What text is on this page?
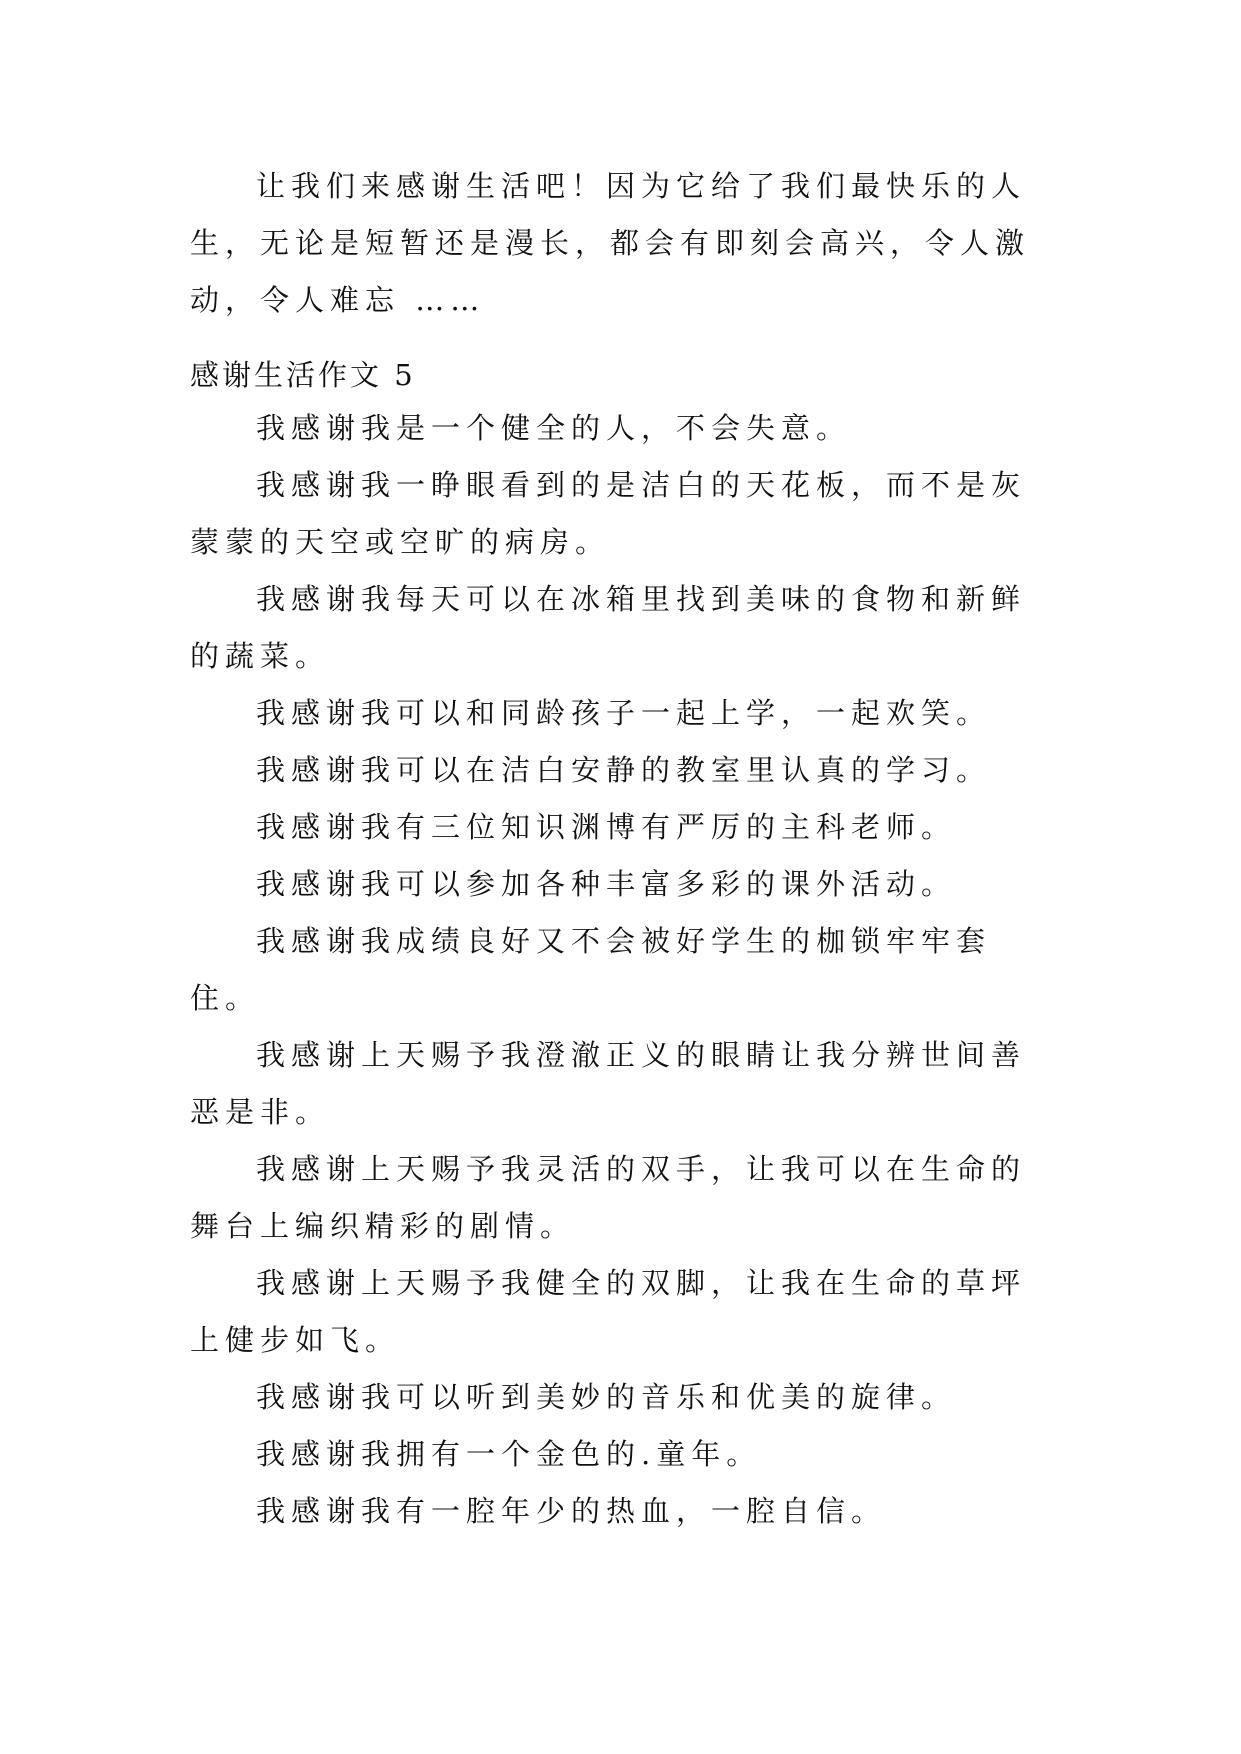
让我们来感谢生活吧！因为它给了我们最快乐的人生，无论是短暂还是漫长，都会有即刻会高兴，令人激动，令人难忘 ……

感谢生活作文 5

我感谢我是一个健全的人，不会失意。

我感谢我一睁眼看到的是洁白的天花板，而不是灰蒙蒙的天空或空旷的病房。

我感谢我每天可以在冰箱里找到美味的食物和新鲜的蔬菜。

我感谢我可以和同龄孩子一起上学，一起欢笑。

我感谢我可以在洁白安静的教室里认真的学习。

我感谢我有三位知识渊博有严厉的主科老师。

我感谢我可以参加各种丰富多彩的课外活动。

我感谢我成绩良好又不会被好学生的枷锁牢牢套住。

我感谢上天赐予我澄澈正义的眼睛让我分辨世间善恶是非。

我感谢上天赐予我灵活的双手，让我可以在生命的舞台上编织精彩的剧情。

我感谢上天赐予我健全的双脚，让我在生命的草坪上健步如飞。

我感谢我可以听到美妙的音乐和优美的旋律。

我感谢我拥有一个金色的.童年。

我感谢我有一腔年少的热血，一腔自信。
